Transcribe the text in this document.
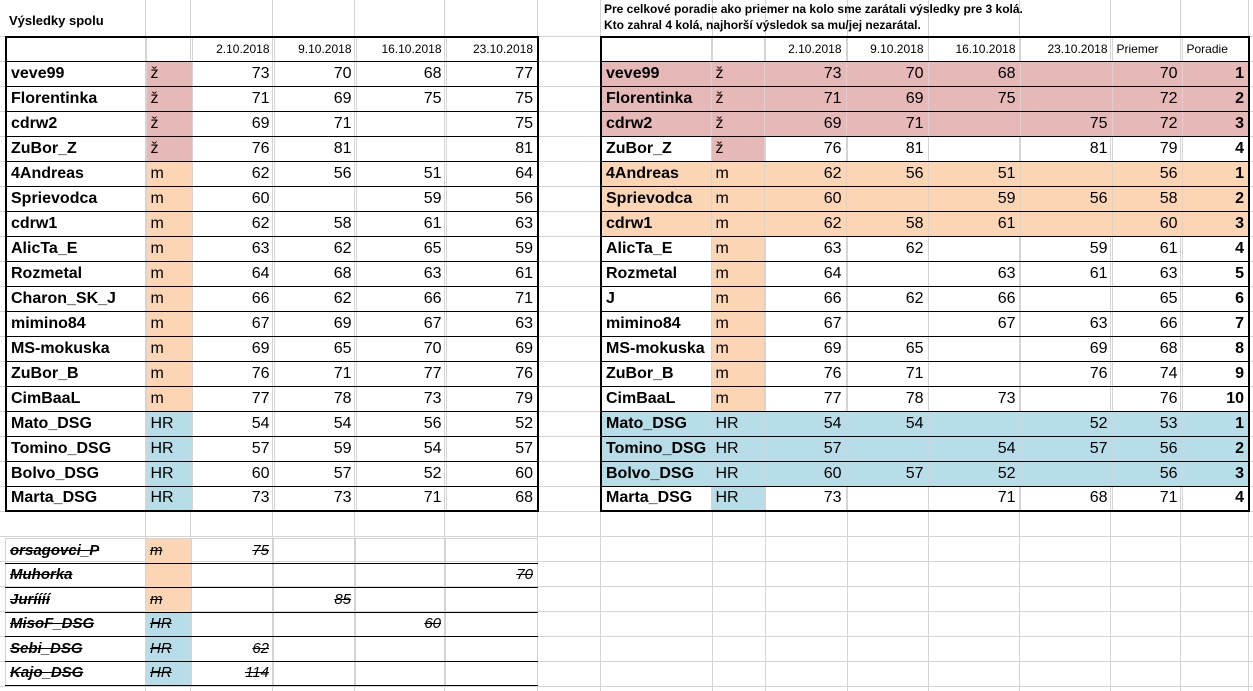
Výsledky spolu
Pre celkové poradie ako priemer na kolo sme zarátali výsledky pre 3 kolá.
Kto zahral 4 kolá, najhorší výsledok sa mu/jej nezarátal.
		2.10.2018	9.10.2018	16.10.2018	23.10.2018
veve99	ž	73	70	68	77
Florentinka	ž	71	69	75	75
cdrw2	ž	69	71		75
ZuBor_Z	ž	76	81		81
4Andreas	m	62	56	51	64
Sprievodca	m	60		59	56
cdrw1	m	62	58	61	63
AlicTa_E	m	63	62	65	59
Rozmetal	m	64	68	63	61
Charon_SK_J	m	66	62	66	71
mimino84	m	67	69	67	63
MS-mokuska	m	69	65	70	69
ZuBor_B	m	76	71	77	76
CimBaaL	m	77	78	73	79
Mato_DSG	HR	54	54	56	52
Tomino_DSG	HR	57	59	54	57
Bolvo_DSG	HR	60	57	52	60
Marta_DSG	HR	73	73	71	68
		2.10.2018	9.10.2018	16.10.2018	23.10.2018	Priemer	Poradie
veve99	ž	73	70	68		70	1
Florentinka	ž	71	69	75		72	2
cdrw2	ž	69	71		75	72	3
ZuBor_Z	ž	76	81		81	79	4
4Andreas	m	62	56	51		56	1
Sprievodca	m	60		59	56	58	2
cdrw1	m	62	58	61		60	3
AlicTa_E	m	63	62		59	61	4
Rozmetal	m	64		63	61	63	5
J	m	66	62	66		65	6
mimino84	m	67		67	63	66	7
MS-mokuska	m	69	65		69	68	8
ZuBor_B	m	76	71		76	74	9
CimBaaL	m	77	78	73		76	10
Mato_DSG	HR	54	54		52	53	1
Tomino_DSG	HR	57		54	57	56	2
Bolvo_DSG	HR	60	57	52		56	3
Marta_DSG	HR	73		71	68	71	4
orsagovci_P	m	75			
Muhorka					70
Juríííí	m		85		
MisoF_DSG	HR			60	
Sebi_DSG	HR	62			
Kajo_DSG	HR	114			
